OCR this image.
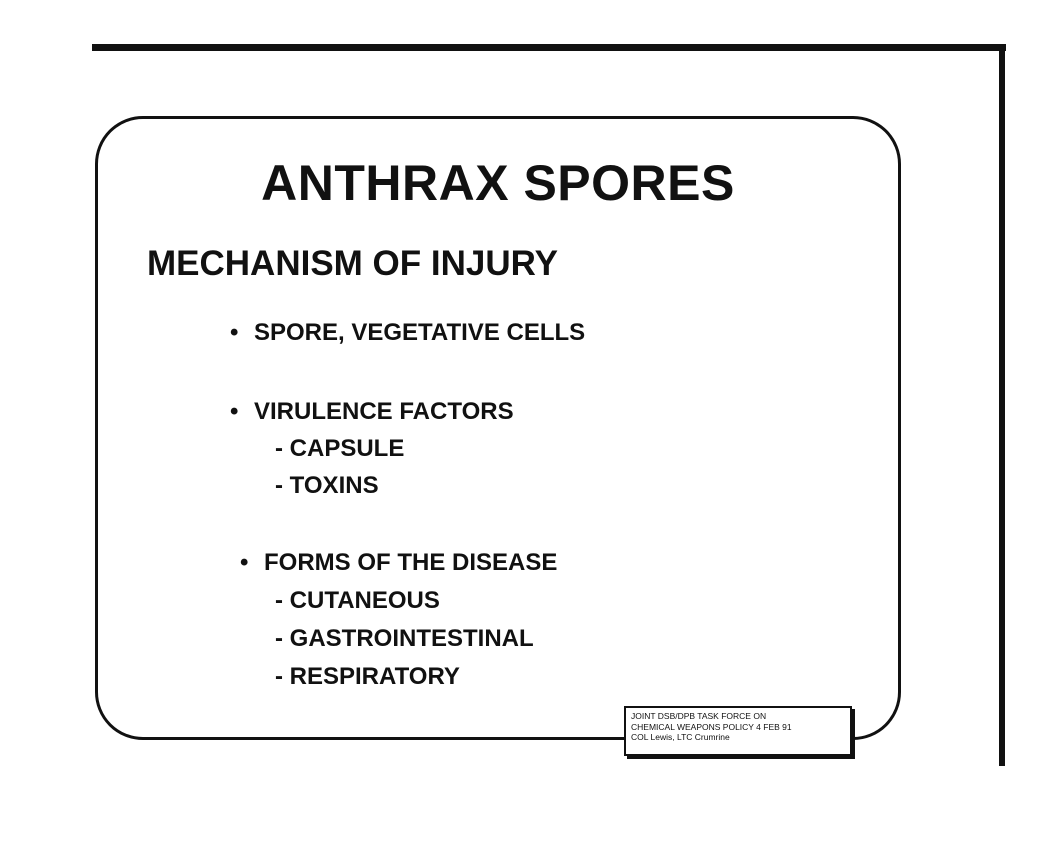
ANTHRAX SPORES
MECHANISM OF INJURY
• SPORE, VEGETATIVE CELLS
• VIRULENCE FACTORS
- CAPSULE
- TOXINS
• FORMS OF THE DISEASE
- CUTANEOUS
- GASTROINTESTINAL
- RESPIRATORY
JOINT DSB/DPB TASK FORCE ON
CHEMICAL WEAPONS POLICY 4 FEB 91
COL Lewis, LTC Crumrine
